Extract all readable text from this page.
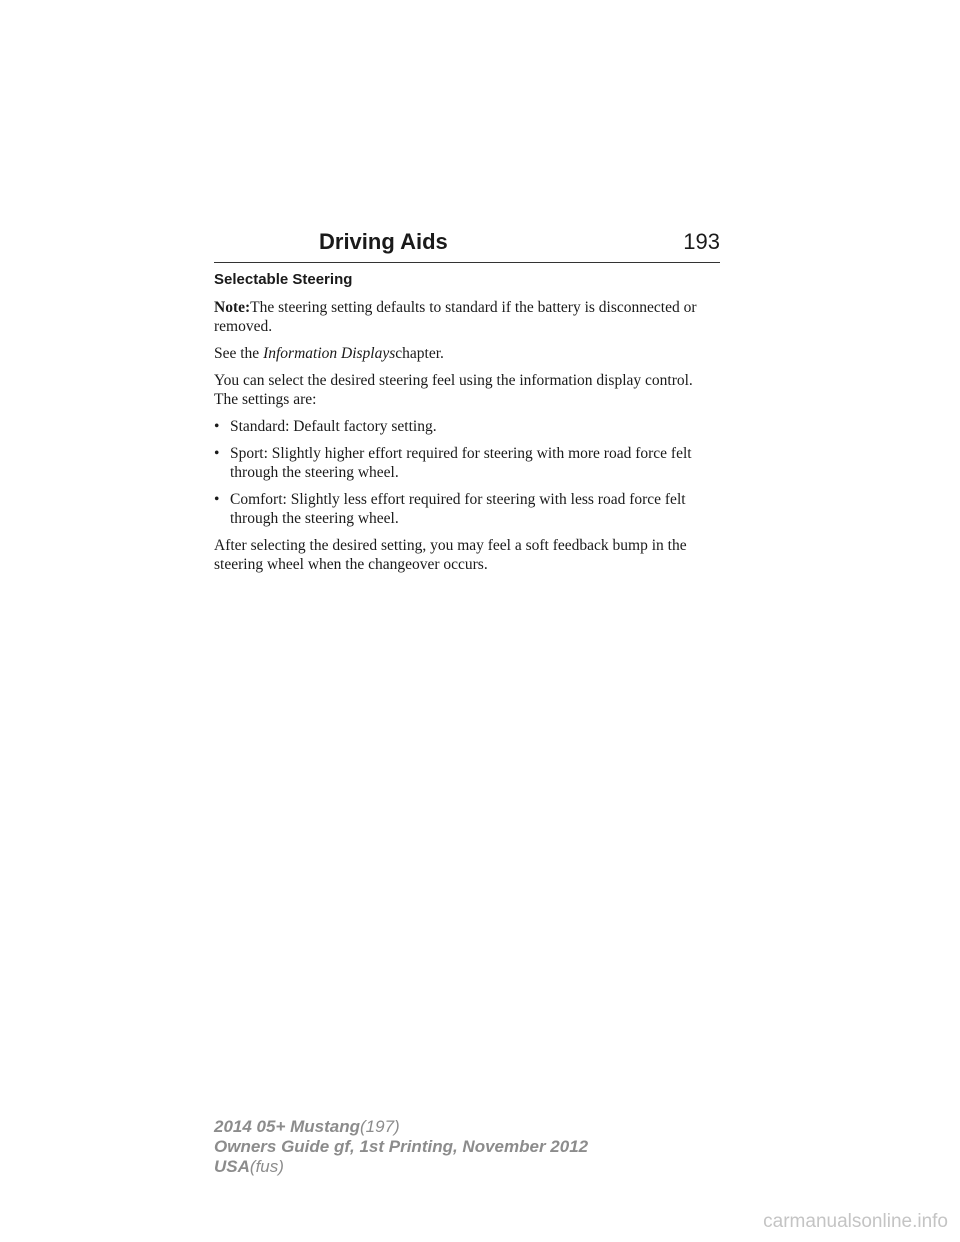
Driving Aids	193
Selectable Steering

Note:The steering setting defaults to standard if the battery is disconnected or removed.

See the Information Displayschapter.

You can select the desired steering feel using the information display control. The settings are:

• Standard: Default factory setting.
• Sport: Slightly higher effort required for steering with more road force felt through the steering wheel.
• Comfort: Slightly less effort required for steering with less road force felt through the steering wheel.

After selecting the desired setting, you may feel a soft feedback bump in the steering wheel when the changeover occurs.

2014 05+ Mustang(197)
Owners Guide gf, 1st Printing, November 2012
USA(fus)
carmanualsonline.info
